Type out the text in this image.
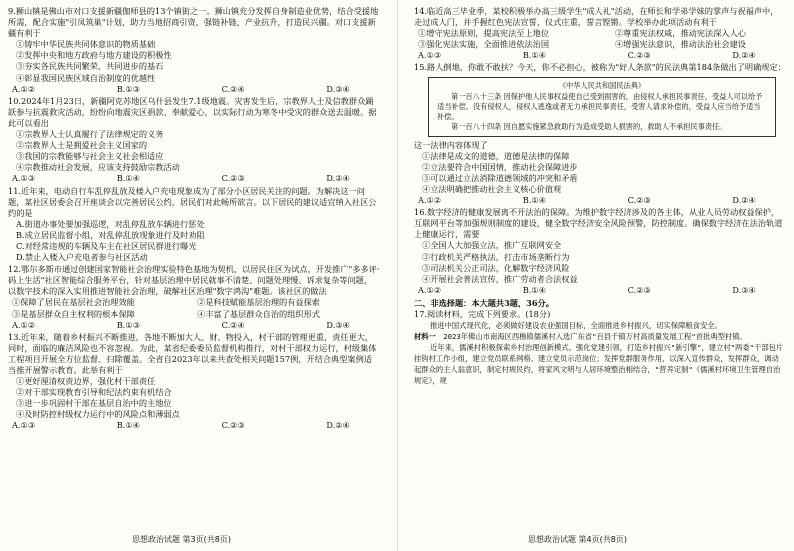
9.狮山镇是佛山市对口支援新疆伽师县的13个镇街之一。狮山镇充分发挥自身制造业优势，结合受援地所需，配合实施"引凤筑巢"计划，助力当地招商引资，强链补链，产业抗升，打造民兴疆。对口支援新疆有利于

①铸牢中华民族共同体意识的物质基础

②发挥中央和地方政府与地方建设的积极性

③夯实各民族共同繁荣，共同进步的基石

④彰显我国民族区域自治制度的优越性

A.①②	B.①③	C.②④	D.③④

10.2024年1月23日，新疆阿克苏地区乌什县发生7.1级地震。灾害发生后，宗教界人士及信教群众踊跃参与抗震救灾活动，纷纷向地震灾区捐款、奉献爱心，以实际行动为寒冬中受灾的群众送去温暖。据此可以看出

①宗教界人士认真履行了法律规定的义务

②宗教界人士是拥爱社会主义国家的

③我国的宗教能够与社会主义社会相适应

④宗教推动社会发展，应该支持鼓励宗教活动

A.①③	B.①④	C.②③	D.②④

11.近年来，电动自行车乱停乱放及楼入户充电现象成为了部分小区居民关注的问题。为解决这一问题，某社区居委会召开座谈会以完善居民公约，居民们对此畅所欲言。以下居民的建议适宜纳入社区公约的是

A.街道办事处要加强巡逻，对乱停乱放车辆进行惩处

B.成立居民监督小组，对乱停乱放现象进行及时劝阻

C.对经常违规的车辆及车主在社区居民群进行曝光

D.禁止入楼入户充电者参与社区活动

12.鄂尔多斯市通过创建国家智能社会治理实验特色基地为契机，以居民住区为试点，开发推广"多多评·码上生活"社区智能综合服务平台，针对基层治理中居民就事不清楚、问题处理慢、诉求复杂等问题，以数字技术的深入实用推进智能社会治理，破解社区治理"数字鸿沟"难题。该社区的做法

①保障了居民在基层社会治理效能	②是科技赋能基层治理的有益探索
③是基层群众自主权利的根本保障	④丰富了基层群众自治的组织形式
A.①②	B.①③	C.②④	D.③④

13.近年来，随着乡村振兴不断推进，各地不断加大人、财、物投入，村干部的管理更重，责任更大，同时，面临的廉洁风险也不容忽视。为此，某省纪委委员监督机构推行，对村干部权力运行，村级集体工程项目开展全方位监督、扫除覆盖。全省自2023年以来共查处相关问题157例，开结合典型案例适当推开展警示教育。此举有利于

①更好厘清权责边界，强化村干部责任

②对干部实现教育引导和纪法约束有机结合

③进一步巩固村干部在基层自治中的主地位

④及时防控村级权力运行中的风险点和薄弱点

A.①③	B.①④	C.②③	D.②④

14.临近高三毕业季，某校积极举办高三级学生"成人礼"活动，在师长和学弟学妹的掌声与祝福声中，走过成人门，并手握红色宪法宣誓，仪式庄重，誓言铿锵。学校举办此项活动有利于

①增守宪法原则，提高宪法至上地位	②尊重宪法权威，推动宪法深入人心
③强化宪法实施，全面推进依法治国	④增强宪法意识，推动法治社会建设
A.①③	B.①④	C.②③	D.②④

15.路人倒地，你敢不敢扶？今天，你不必担心，被称为"好人条款"的民法典第184条做出了明确规定：

《中华人民共和国民法典》

第一百八十三条 因保护他人民事权益使自己受到损害的，由侵权人承担民事责任，受益人可以给予适当补偿。没有侵权人，侵权人逃逸或者无力承担民事责任，受害人请求补偿的，受益人应当给予适当补偿。

第一百八十四条 因自愿实施紧急救助行为造成受助人损害的，救助人不承担民事责任。

这一法律内容体现了

①法律是成文的道德，道德是法律的保障

②立法要符合中国国情，推动社会保障进步

③可以通过立法消除道德领域的冲突和矛盾

④立法明确把推动社会主义核心价值观

A.①②	B.①④	C.②③	D.②④

16.数字经济的健康发展离不开法治的保障。为维护数字经济涉及的各主体，从业人员劳动权益保护，互联网平台等加强规则制度的建设，健全数字经济安全风险预警，防控制度。确保数字经济在法治轨道上健康运行，需要

①全国人大加强立法，推广互联网安全

②行政机关严格执法，打击市场垄断行为

③司法机关公正司法，化解数字经济风险

④开展社会普法宣传，推广劳动者合法权益

A.①②	B.①④	C.②③	D.③④

二、非选择题：本大题共3题，36分。

17.阅读材料，完成下列要求。(18分)

推进中国式现代化，必须做好建设农业强国目标，全面推进乡村振兴，切实保障粮食安全。

材料一　 2023年佛山市南海区西樵镇儒溪村入选广东省"百县千镇万村高质量发展工程"首批典型村镇。

近年来，儒溪村积极探索乡村治理创新模式。强化党建引领，打造乡村振兴"新引擎"，建立村"两委"干部包片挂钩村工作小组，建立党员联系网格、建立党员示范岗位；发挥党群服务作用，以深入宣传群众，发挥群众，调动起群众的主人翁意识，制定村规民约，将家风文明与人居环境整治相结合，"营养定制"《儒溪村环境卫生管理自治规定》，规

思想政治试题 第3页(共8页)	思想政治试题 第4页(共8页)
